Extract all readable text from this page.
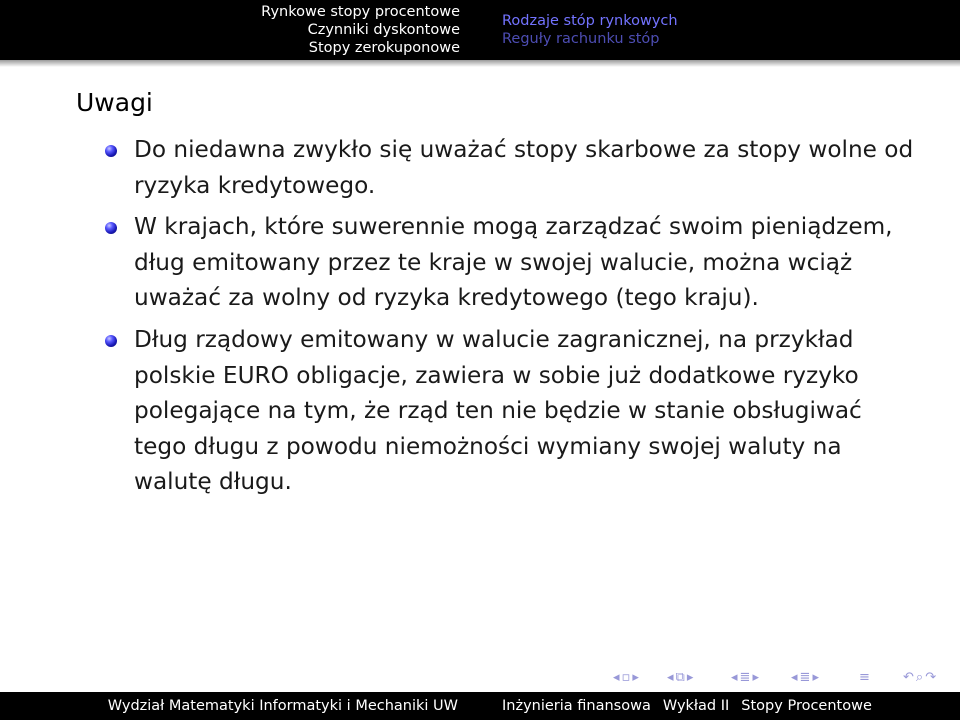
Rynkowe stopy procentowe
Czynniki dyskontowe
Stopy zerokuponowe
Rodzaje stóp rynkowych
Reguły rachunku stóp
Uwagi
Do niedawna zwykło się uważać stopy skarbowe za stopy wolne od ryzyka kredytowego.
W krajach, które suwerennie mogą zarządzać swoim pieniądzem, dług emitowany przez te kraje w swojej walucie, można wciąż uważać za wolny od ryzyka kredytowego (tego kraju).
Dług rządowy emitowany w walucie zagranicznej, na przykład polskie EURO obligacje, zawiera w sobie już dodatkowe ryzyko polegające na tym, że rząd ten nie będzie w stanie obsługiwać tego długu z powodu niemożności wymiany swojej waluty na walutę długu.
◂ ▫ ▸ ◂ ⧉ ▸	◂ ≣ ▸ ◂ ≣ ▸	≡	↶ ⌕ ↷
Wydział Matematyki Informatyki i Mechaniki UW	Inżynieria finansowa Wykład II Stopy Procentowe
